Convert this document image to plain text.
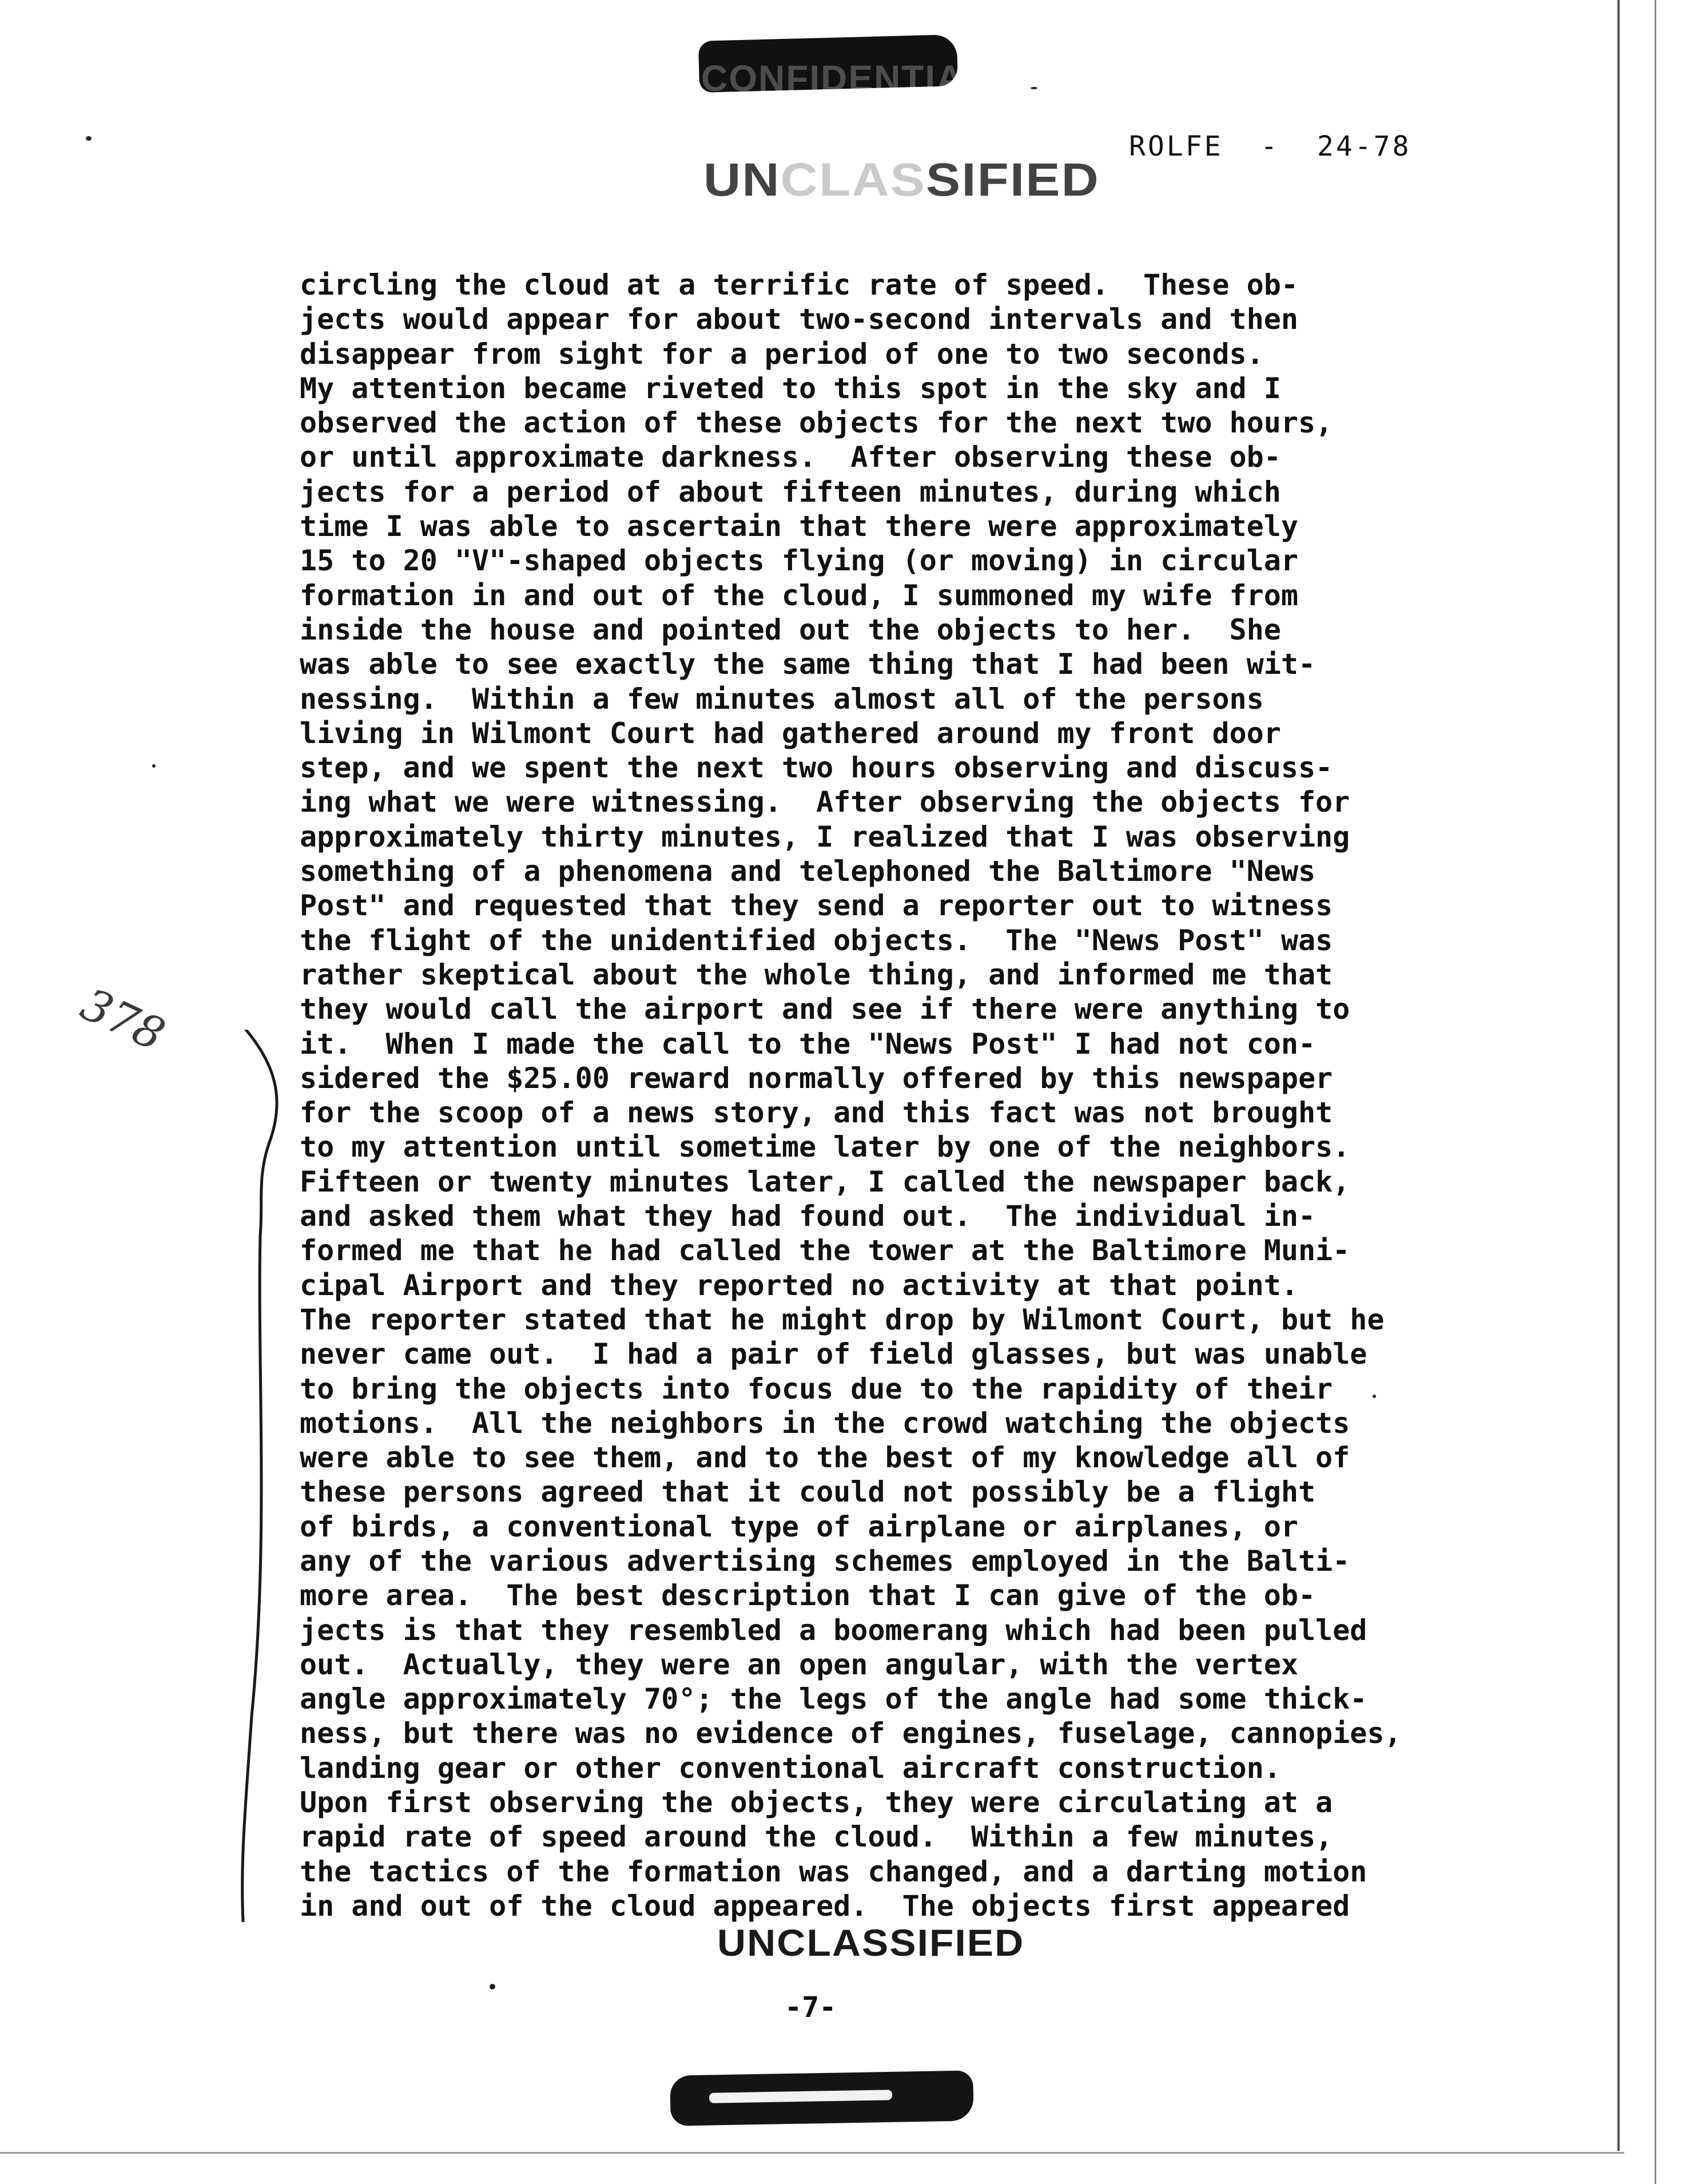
CONFIDENTIAL
ROLFE  -  24-78
UNCLASSIFIED
circling the cloud at a terrific rate of speed.  These ob-
jects would appear for about two-second intervals and then
disappear from sight for a period of one to two seconds.
My attention became riveted to this spot in the sky and I
observed the action of these objects for the next two hours,
or until approximate darkness.  After observing these ob-
jects for a period of about fifteen minutes, during which
time I was able to ascertain that there were approximately
15 to 20 "V"-shaped objects flying (or moving) in circular
formation in and out of the cloud, I summoned my wife from
inside the house and pointed out the objects to her.  She
was able to see exactly the same thing that I had been wit-
nessing.  Within a few minutes almost all of the persons
living in Wilmont Court had gathered around my front door
step, and we spent the next two hours observing and discuss-
ing what we were witnessing.  After observing the objects for
approximately thirty minutes, I realized that I was observing
something of a phenomena and telephoned the Baltimore "News
Post" and requested that they send a reporter out to witness
the flight of the unidentified objects.  The "News Post" was
rather skeptical about the whole thing, and informed me that
they would call the airport and see if there were anything to
it.  When I made the call to the "News Post" I had not con-
sidered the $25.00 reward normally offered by this newspaper
for the scoop of a news story, and this fact was not brought
to my attention until sometime later by one of the neighbors.
Fifteen or twenty minutes later, I called the newspaper back,
and asked them what they had found out.  The individual in-
formed me that he had called the tower at the Baltimore Muni-
cipal Airport and they reported no activity at that point.
The reporter stated that he might drop by Wilmont Court, but he
never came out.  I had a pair of field glasses, but was unable
to bring the objects into focus due to the rapidity of their
motions.  All the neighbors in the crowd watching the objects
were able to see them, and to the best of my knowledge all of
these persons agreed that it could not possibly be a flight
of birds, a conventional type of airplane or airplanes, or
any of the various advertising schemes employed in the Balti-
more area.  The best description that I can give of the ob-
jects is that they resembled a boomerang which had been pulled
out.  Actually, they were an open angular, with the vertex
angle approximately 70°; the legs of the angle had some thick-
ness, but there was no evidence of engines, fuselage, cannopies,
landing gear or other conventional aircraft construction.
Upon first observing the objects, they were circulating at a
rapid rate of speed around the cloud.  Within a few minutes,
the tactics of the formation was changed, and a darting motion
in and out of the cloud appeared.  The objects first appeared
UNCLASSIFIED
-7-
378
